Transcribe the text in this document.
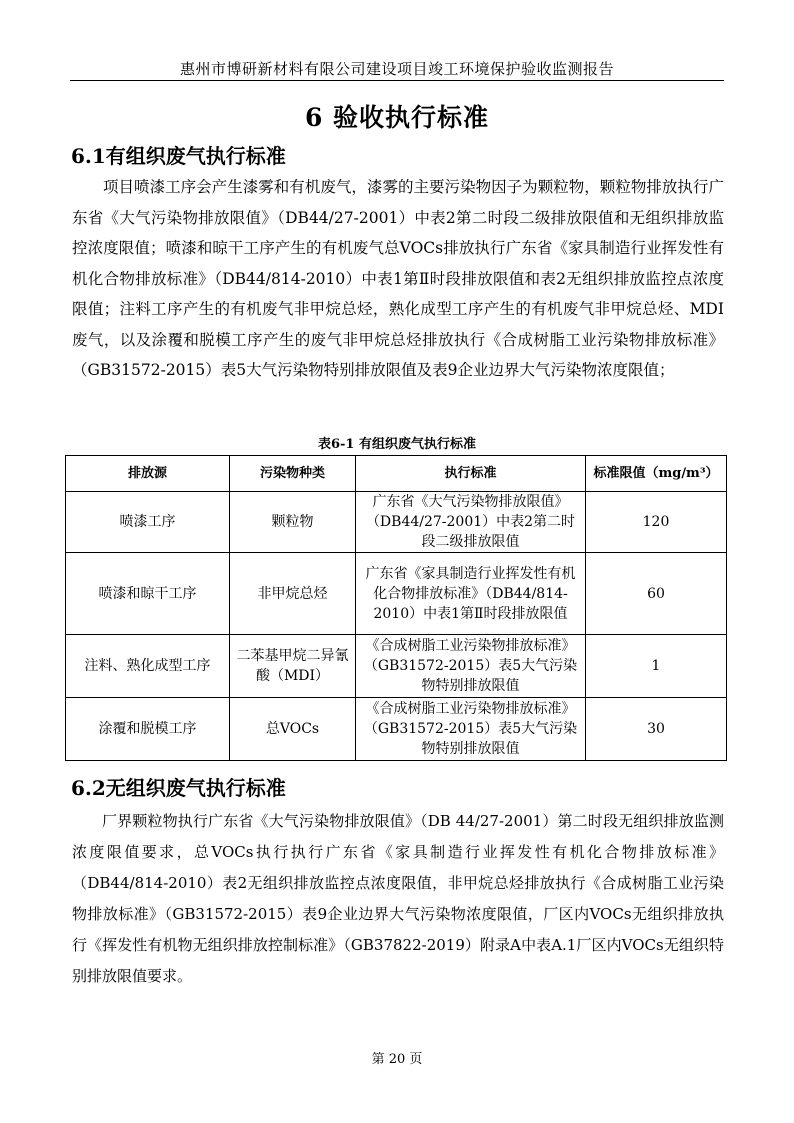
惠州市博研新材料有限公司建设项目竣工环境保护验收监测报告
6 验收执行标准
6.1有组织废气执行标准

项目喷漆工序会产生漆雾和有机废气，漆雾的主要污染物因子为颗粒物，颗粒物排放执行广东省《大气污染物排放限值》（DB44/27-2001）中表2第二时段二级排放限值和无组织排放监控浓度限值；喷漆和晾干工序产生的有机废气总VOCs排放执行广东省《家具制造行业挥发性有机化合物排放标准》（DB44/814-2010）中表1第Ⅱ时段排放限值和表2无组织排放监控点浓度限值；注料工序产生的有机废气非甲烷总烃，熟化成型工序产生的有机废气非甲烷总烃、MDI废气，以及涂覆和脱模工序产生的废气非甲烷总烃排放执行《合成树脂工业污染物排放标准》（GB31572-2015）表5大气污染物特别排放限值及表9企业边界大气污染物浓度限值；

表6-1 有组织废气执行标准
排放源	污染物种类	执行标准	标准限值（mg/m³）
喷漆工序	颗粒物	广东省《大气污染物排放限值》（DB44/27-2001）中表2第二时段二级排放限值	120
喷漆和晾干工序	非甲烷总烃	广东省《家具制造行业挥发性有机化合物排放标准》（DB44/814-2010）中表1第Ⅱ时段排放限值	60
注料、熟化成型工序	二苯基甲烷二异氰酸（MDI）	《合成树脂工业污染物排放标准》（GB31572-2015）表5大气污染物特别排放限值	1
涂覆和脱模工序	总VOCs	《合成树脂工业污染物排放标准》（GB31572-2015）表5大气污染物特别排放限值	30
6.2无组织废气执行标准

厂界颗粒物执行广东省《大气污染物排放限值》（DB 44/27-2001）第二时段无组织排放监测浓度限值要求，总VOCs执行执行广东省《家具制造行业挥发性有机化合物排放标准》（DB44/814-2010）表2无组织排放监控点浓度限值，非甲烷总烃排放执行《合成树脂工业污染物排放标准》（GB31572-2015）表9企业边界大气污染物浓度限值，厂区内VOCs无组织排放执行《挥发性有机物无组织排放控制标准》（GB37822-2019）附录A中表A.1厂区内VOCs无组织特别排放限值要求。

第 20 页
